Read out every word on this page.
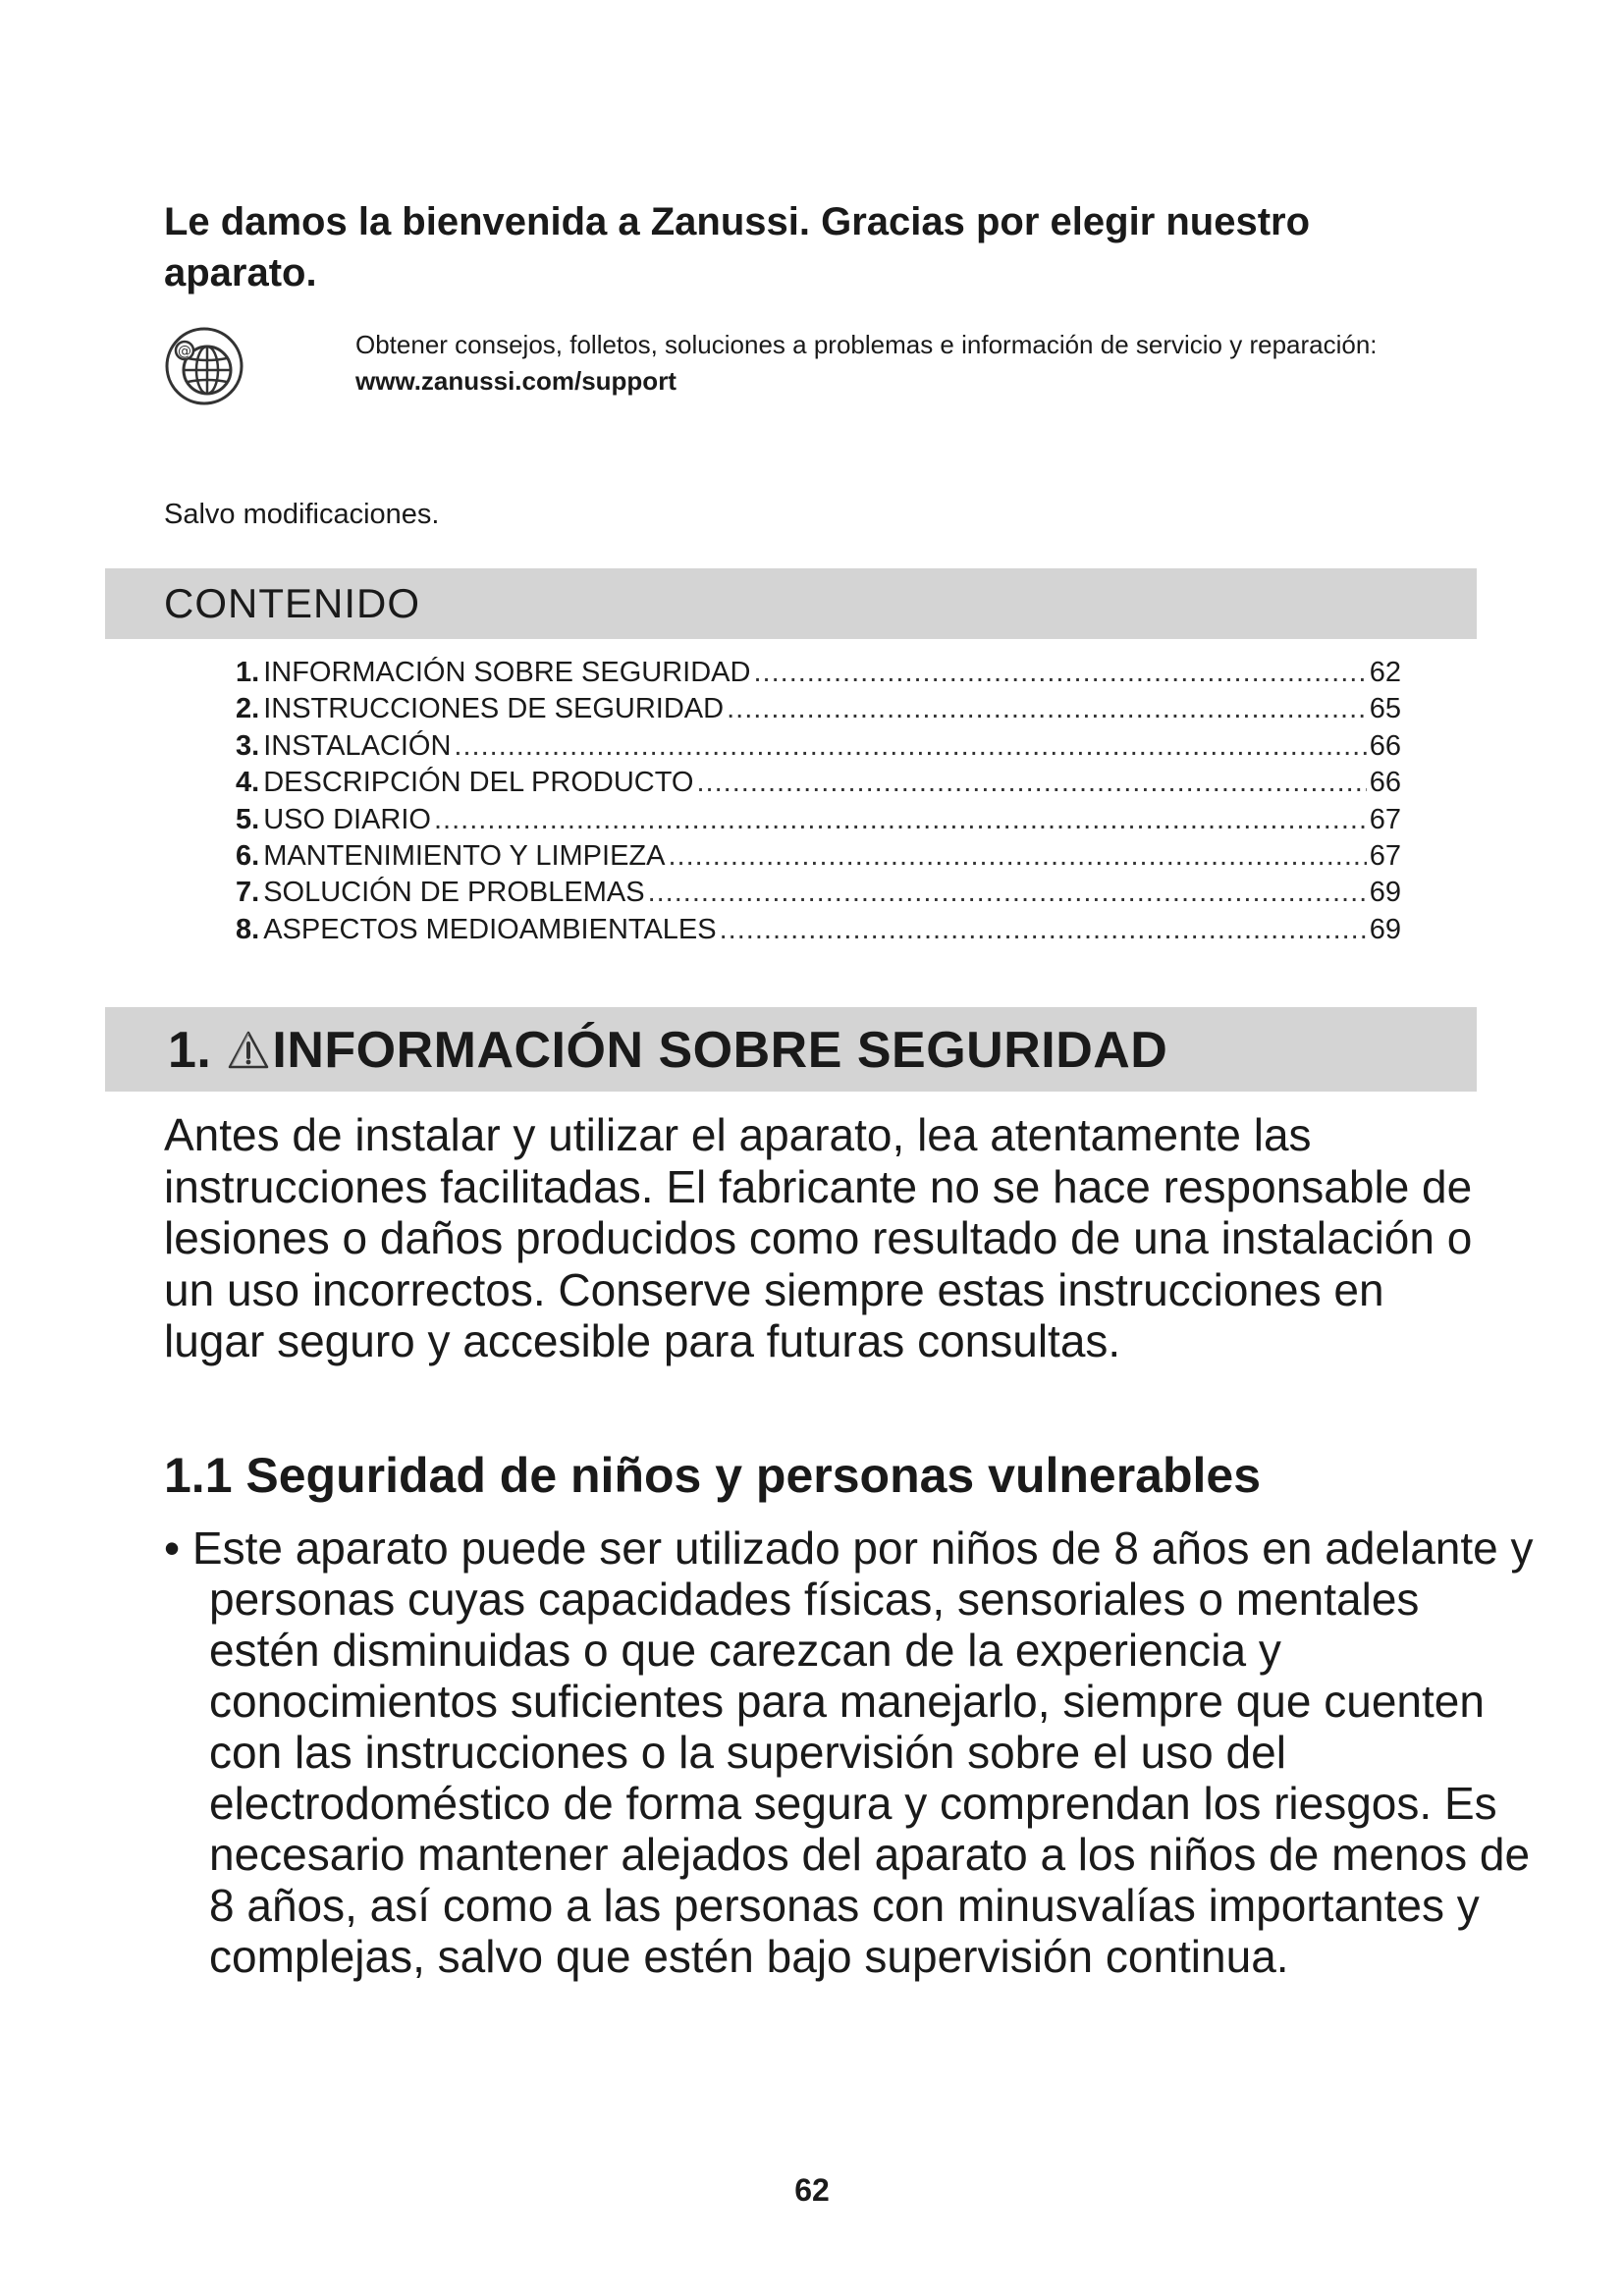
Le damos la bienvenida a Zanussi. Gracias por elegir nuestro aparato.
@	Obtener consejos, folletos, soluciones a problemas e información de servicio y reparación:
www.zanussi.com/support
Salvo modificaciones.
CONTENIDO
1. INFORMACIÓN SOBRE SEGURIDAD .....	62
2. INSTRUCCIONES DE SEGURIDAD .....	65
3. INSTALACIÓN .....	66
4. DESCRIPCIÓN DEL PRODUCTO .....	66
5. USO DIARIO .....	67
6. MANTENIMIENTO Y LIMPIEZA .....	67
7. SOLUCIÓN DE PROBLEMAS .....	69
8. ASPECTOS MEDIOAMBIENTALES .....	69
1. INFORMACIÓN SOBRE SEGURIDAD

Antes de instalar y utilizar el aparato, lea atentamente las instrucciones facilitadas. El fabricante no se hace responsable de lesiones o daños producidos como resultado de una instalación o un uso incorrectos. Conserve siempre estas instrucciones en lugar seguro y accesible para futuras consultas.

1.1 Seguridad de niños y personas vulnerables

• Este aparato puede ser utilizado por niños de 8 años en adelante y personas cuyas capacidades físicas, sensoriales o mentales estén disminuidas o que carezcan de la experiencia y conocimientos suficientes para manejarlo, siempre que cuenten con las instrucciones o la supervisión sobre el uso del electrodoméstico de forma segura y comprendan los riesgos. Es necesario mantener alejados del aparato a los niños de menos de 8 años, así como a las personas con minusvalías importantes y complejas, salvo que estén bajo supervisión continua.

62
